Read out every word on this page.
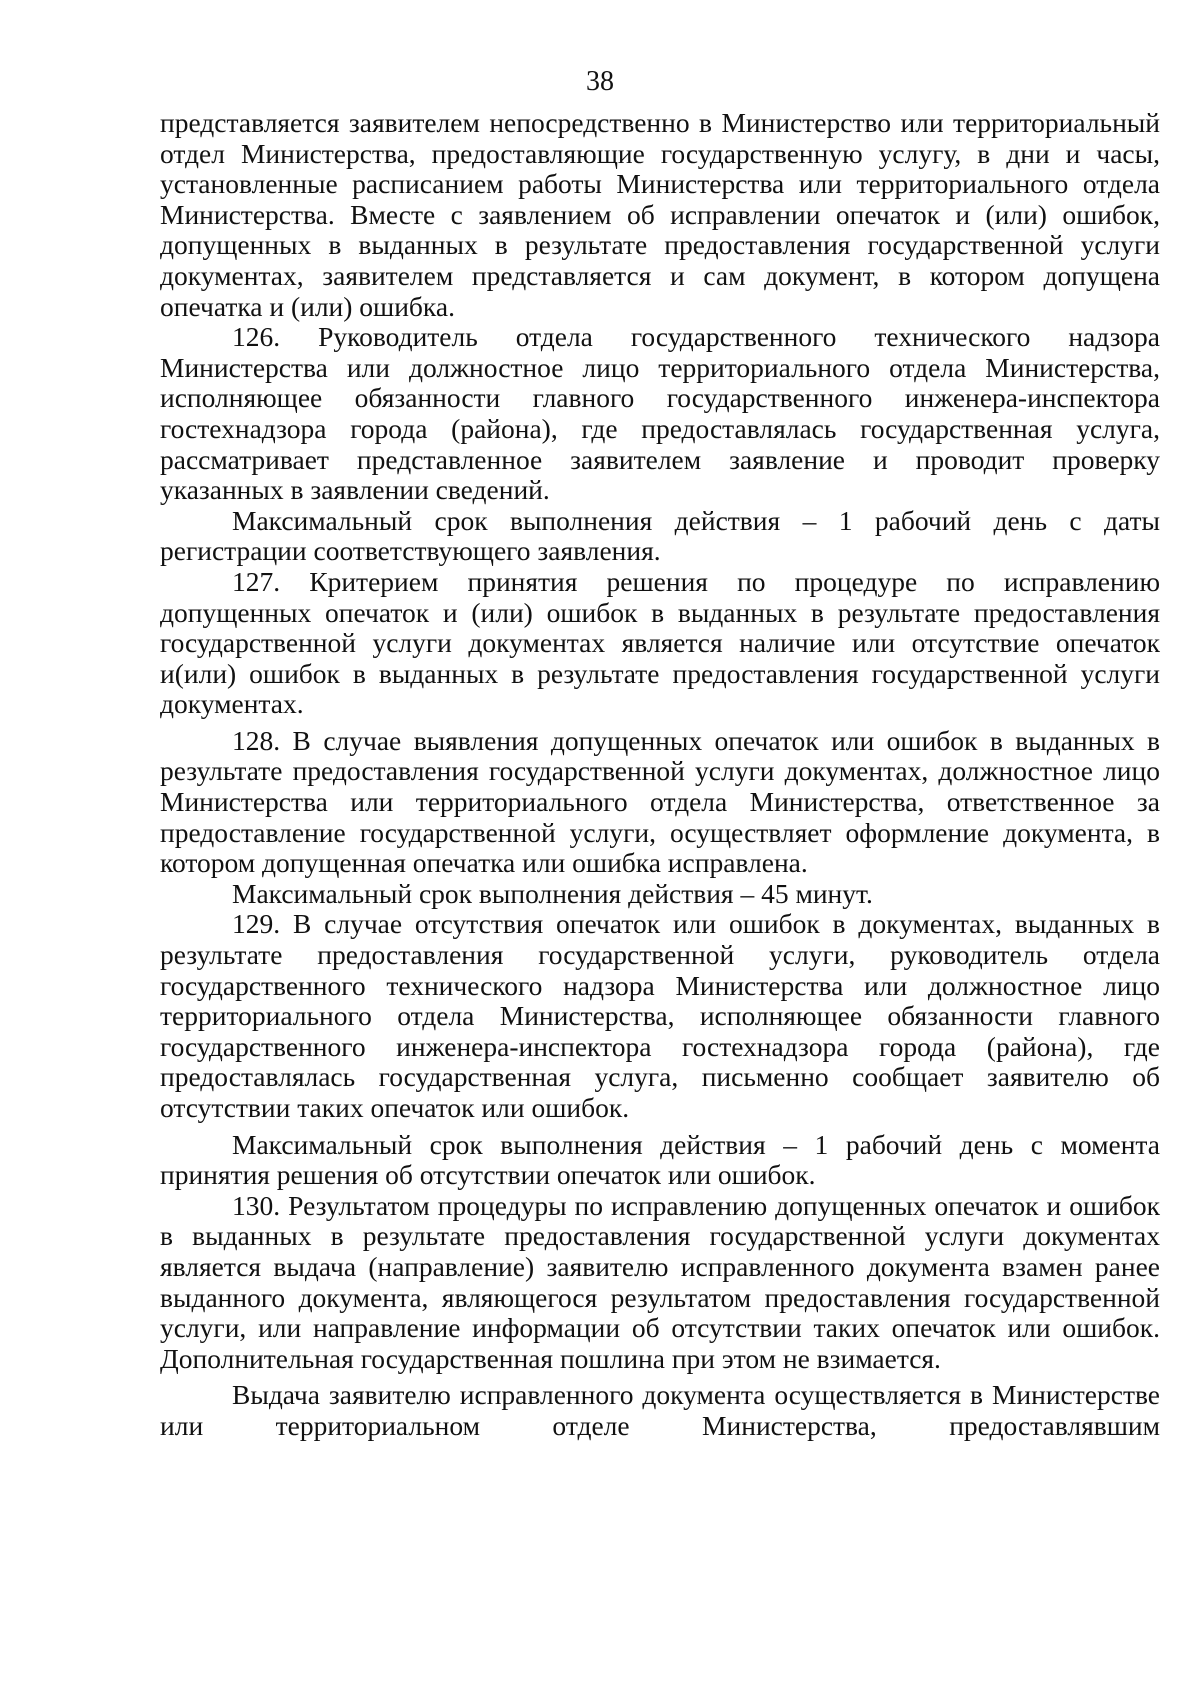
38

представляется заявителем непосредственно в Министерство или территориальный отдел Министерства, предоставляющие государственную услугу, в дни и часы, установленные расписанием работы Министерства или территориального отдела Министерства. Вместе с заявлением об исправлении опечаток и (или) ошибок, допущенных в выданных в результате предоставления государственной услуги документах, заявителем представляется и сам документ, в котором допущена опечатка и (или) ошибка.

126. Руководитель отдела государственного технического надзора Министерства или должностное лицо территориального отдела Министерства, исполняющее обязанности главного государственного инженера-инспектора гостехнадзора города (района), где предоставлялась государственная услуга, рассматривает представленное заявителем заявление и проводит проверку указанных в заявлении сведений.

Максимальный срок выполнения действия – 1 рабочий день с даты регистрации соответствующего заявления.

127. Критерием принятия решения по процедуре по исправлению допущенных опечаток и (или) ошибок в выданных в результате предоставления государственной услуги документах является наличие или отсутствие опечаток и(или) ошибок в выданных в результате предоставления государственной услуги документах.

128. В случае выявления допущенных опечаток или ошибок в выданных в результате предоставления государственной услуги документах, должностное лицо Министерства или территориального отдела Министерства, ответственное за предоставление государственной услуги, осуществляет оформление документа, в котором допущенная опечатка или ошибка исправлена.

Максимальный срок выполнения действия – 45 минут.

129. В случае отсутствия опечаток или ошибок в документах, выданных в результате предоставления государственной услуги, руководитель отдела государственного технического надзора Министерства или должностное лицо территориального отдела Министерства, исполняющее обязанности главного государственного инженера-инспектора гостехнадзора города (района), где предоставлялась государственная услуга, письменно сообщает заявителю об отсутствии таких опечаток или ошибок.

Максимальный срок выполнения действия – 1 рабочий день с момента принятия решения об отсутствии опечаток или ошибок.

130. Результатом процедуры по исправлению допущенных опечаток и ошибок в выданных в результате предоставления государственной услуги документах является выдача (направление) заявителю исправленного документа взамен ранее выданного документа, являющегося результатом предоставления государственной услуги, или направление информации об отсутствии таких опечаток или ошибок. Дополнительная государственная пошлина при этом не взимается.

Выдача заявителю исправленного документа осуществляется в Министерстве или территориальном отделе Министерства, предоставлявшим
